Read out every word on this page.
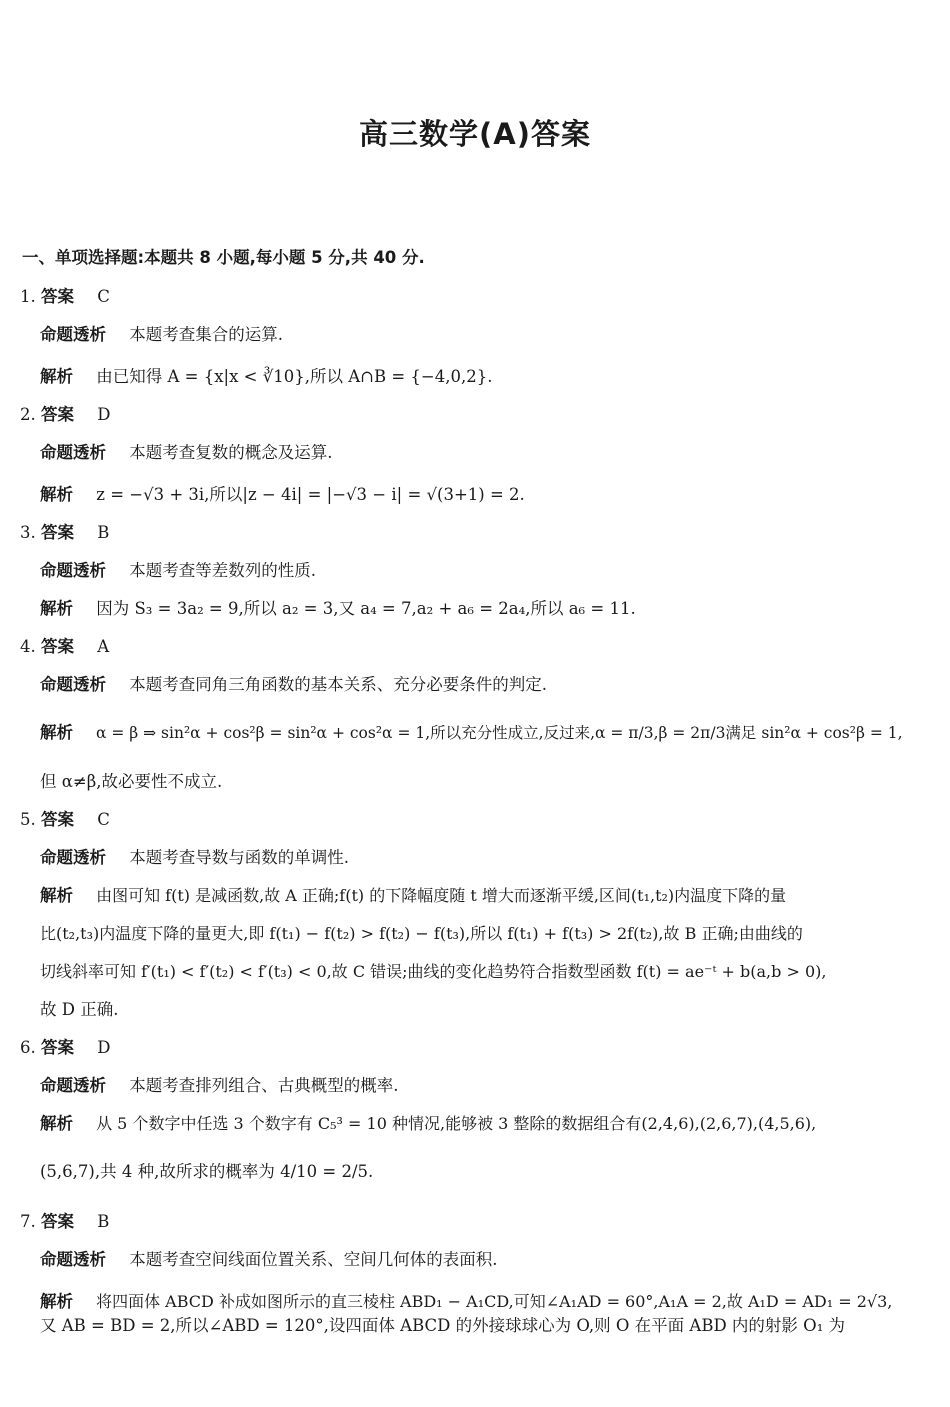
高三数学(A)答案
一、单项选择题:本题共 8 小题,每小题 5 分,共 40 分.
1. 答案 C
命题透析 本题考查集合的运算.
解析 由已知得 A = {x|x < ∛10},所以 A∩B = {−4,0,2}.
2. 答案 D
命题透析 本题考查复数的概念及运算.
解析 z = −√3 + 3i,所以|z − 4i| = |−√3 − i| = √(3+1) = 2.
3. 答案 B
命题透析 本题考查等差数列的性质.
解析 因为 S₃ = 3a₂ = 9,所以 a₂ = 3,又 a₄ = 7,a₂ + a₆ = 2a₄,所以 a₆ = 11.
4. 答案 A
命题透析 本题考查同角三角函数的基本关系、充分必要条件的判定.
解析 α = β ⇒ sin²α + cos²β = sin²α + cos²α = 1,所以充分性成立,反过来,α = π/3,β = 2π/3满足 sin²α + cos²β = 1,
但 α≠β,故必要性不成立.
5. 答案 C
命题透析 本题考查导数与函数的单调性.
解析 由图可知 f(t) 是减函数,故 A 正确;f(t) 的下降幅度随 t 增大而逐渐平缓,区间(t₁,t₂)内温度下降的量
比(t₂,t₃)内温度下降的量更大,即 f(t₁) − f(t₂) > f(t₂) − f(t₃),所以 f(t₁) + f(t₃) > 2f(t₂),故 B 正确;由曲线的
切线斜率可知 f′(t₁) < f′(t₂) < f′(t₃) < 0,故 C 错误;曲线的变化趋势符合指数型函数 f(t) = ae⁻ᵗ + b(a,b > 0),
故 D 正确.
6. 答案 D
命题透析 本题考查排列组合、古典概型的概率.
解析 从 5 个数字中任选 3 个数字有 C₅³ = 10 种情况,能够被 3 整除的数据组合有(2,4,6),(2,6,7),(4,5,6),
(5,6,7),共 4 种,故所求的概率为 4/10 = 2/5.
7. 答案 B
命题透析 本题考查空间线面位置关系、空间几何体的表面积.
解析 将四面体 ABCD 补成如图所示的直三棱柱 ABD₁ − A₁CD,可知∠A₁AD = 60°,A₁A = 2,故 A₁D = AD₁ = 2√3,
又 AB = BD = 2,所以∠ABD = 120°,设四面体 ABCD 的外接球球心为 O,则 O 在平面 ABD 内的射影 O₁ 为
